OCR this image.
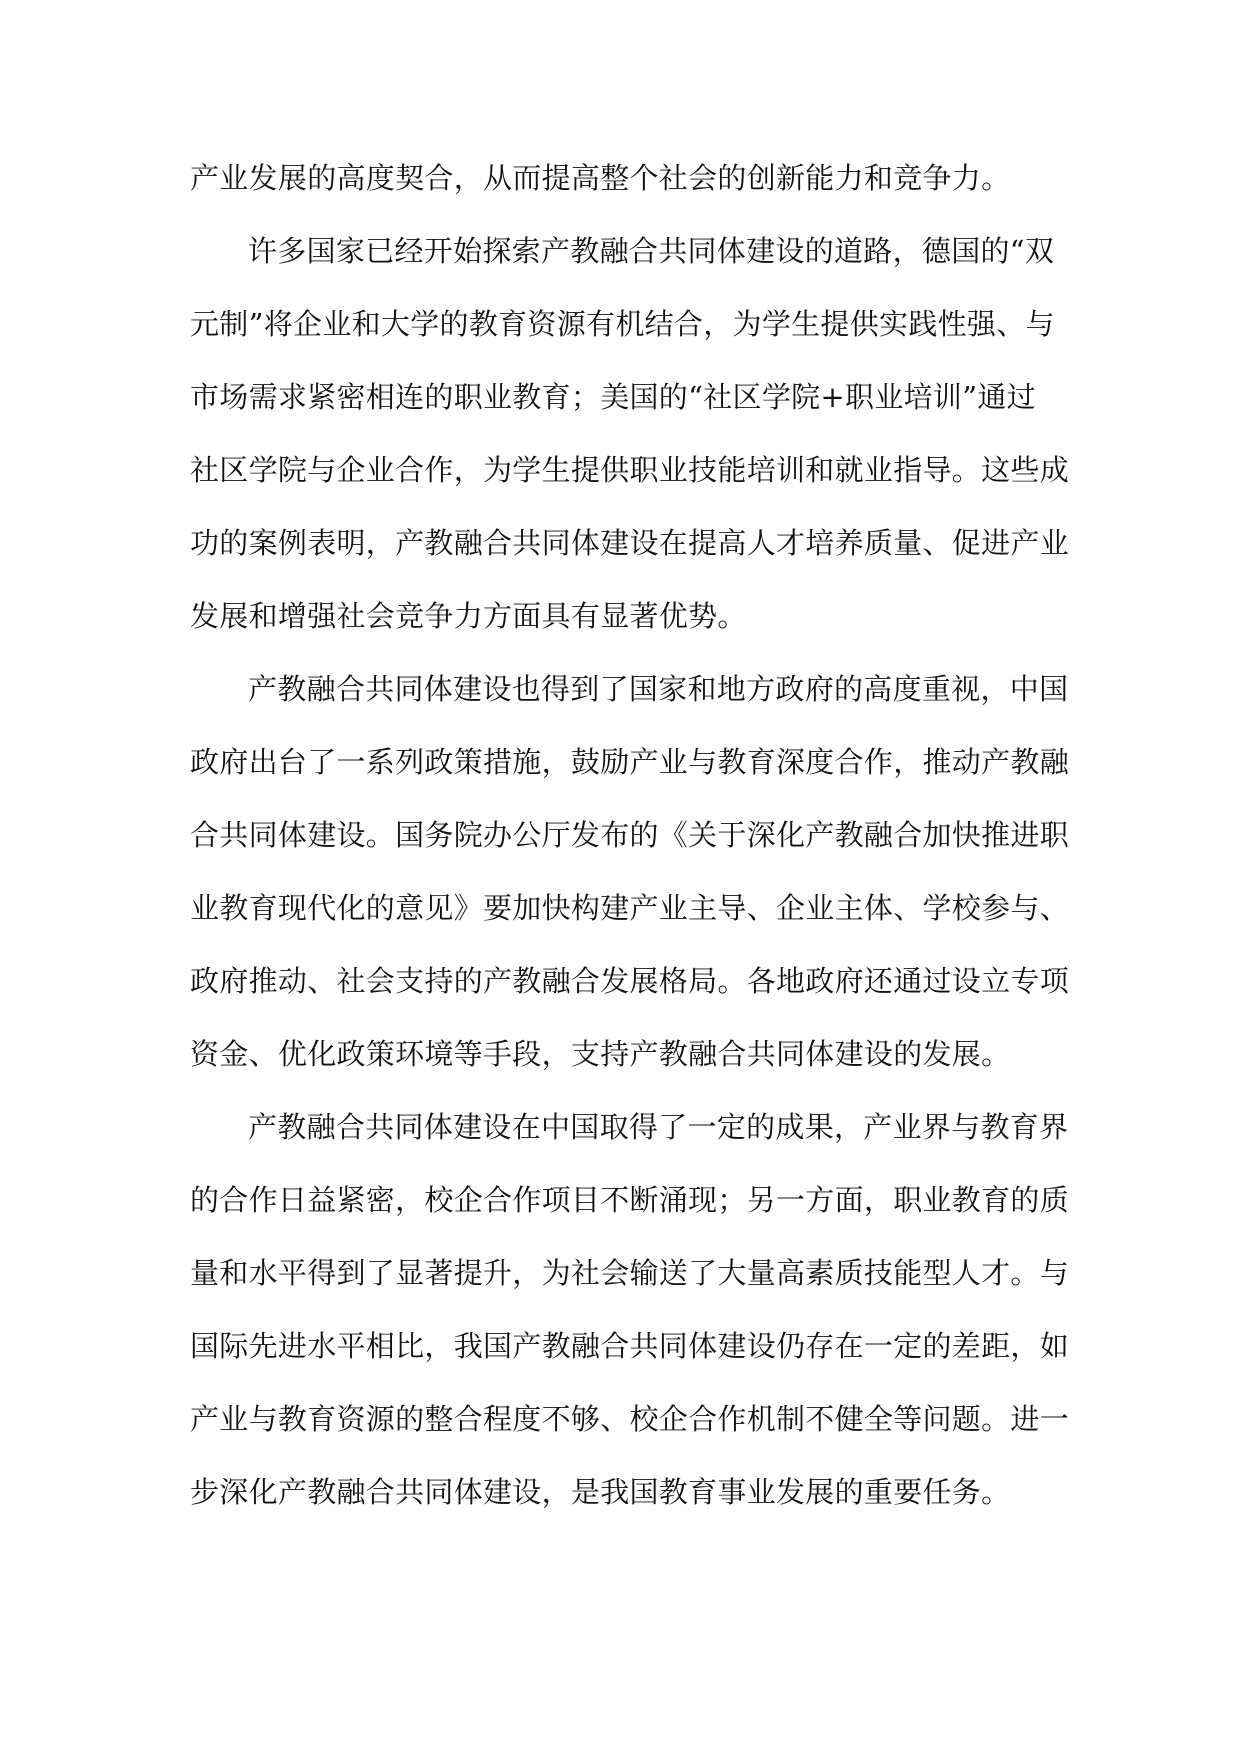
产业发展的高度契合，从而提高整个社会的创新能力和竞争力。
许多国家已经开始探索产教融合共同体建设的道路，德国的“双
元制”将企业和大学的教育资源有机结合，为学生提供实践性强、与
市场需求紧密相连的职业教育；美国的“社区学院+职业培训”通过
社区学院与企业合作，为学生提供职业技能培训和就业指导。这些成
功的案例表明，产教融合共同体建设在提高人才培养质量、促进产业
发展和增强社会竞争力方面具有显著优势。
产教融合共同体建设也得到了国家和地方政府的高度重视，中国
政府出台了一系列政策措施，鼓励产业与教育深度合作，推动产教融
合共同体建设。国务院办公厅发布的《关于深化产教融合加快推进职
业教育现代化的意见》要加快构建产业主导、企业主体、学校参与、
政府推动、社会支持的产教融合发展格局。各地政府还通过设立专项
资金、优化政策环境等手段，支持产教融合共同体建设的发展。
产教融合共同体建设在中国取得了一定的成果，产业界与教育界
的合作日益紧密，校企合作项目不断涌现；另一方面，职业教育的质
量和水平得到了显著提升，为社会输送了大量高素质技能型人才。与
国际先进水平相比，我国产教融合共同体建设仍存在一定的差距，如
产业与教育资源的整合程度不够、校企合作机制不健全等问题。进一
步深化产教融合共同体建设，是我国教育事业发展的重要任务。
